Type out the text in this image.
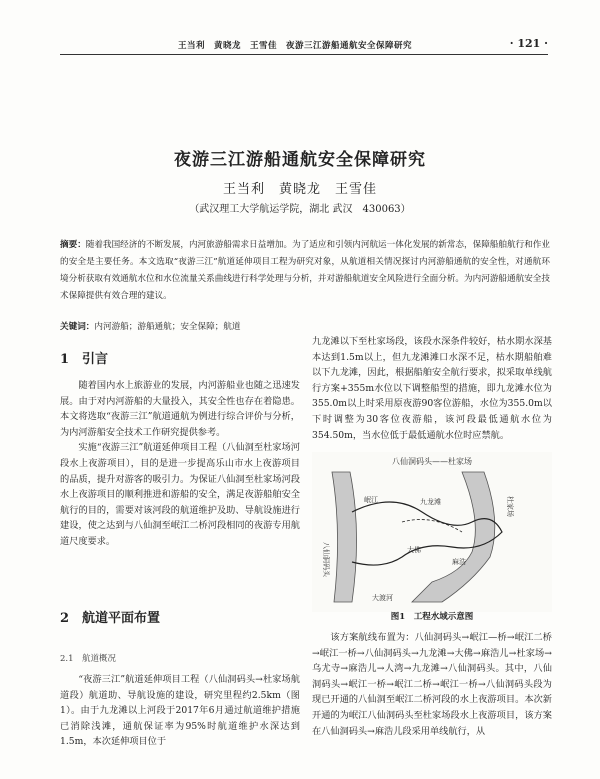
王当利　黄晓龙　王雪佳　夜游三江游船通航安全保障研究	· 121 ·
夜游三江游船通航安全保障研究
王当利　黄晓龙　王雪佳
（武汉理工大学航运学院，湖北 武汉　430063）
摘要：随着我国经济的不断发展，内河旅游船需求日益增加。为了适应和引领内河航运一体化发展的新常态，保障船舶航行和作业的安全是主要任务。本文选取“夜游三江”航道延伸项目工程为研究对象，从航道相关情况探讨内河游船通航的安全性，对通航环境分析获取有效通航水位和水位流量关系曲线进行科学处理与分析，并对游船航道安全风险进行全面分析。为内河游船通航安全技术保障提供有效合理的建议。
关键词：内河游船；游船通航；安全保障；航道
1　引言

随着国内水上旅游业的发展，内河游船业也随之迅速发展。由于对内河游船的大量投入，其安全性也存在着隐患。本文将选取“夜游三江”航道通航为例进行综合评价与分析，为内河游船安全技术工作研究提供参考。

实施“夜游三江”航道延伸项目工程（八仙洞至杜家场河段水上夜游项目），目的是进一步提高乐山市水上夜游项目的品质，提升对游客的吸引力。为保证八仙洞至杜家场河段水上夜游项目的顺利推进和游船的安全，满足夜游船舶安全航行的目的，需要对该河段的航道维护及助、导航设施进行建设，使之达到与八仙洞至岷江二桥河段相同的夜游专用航道尺度要求。

2　航道平面布置
2.1　航道概况

“夜游三江”航道延伸项目工程（八仙洞码头→杜家场航道段）航道助、导航设施的建设，研究里程约2.5km（图1）。由于九龙滩以上河段于2017年6月通过航道维护措施已消除浅滩，通航保证率为95%时航道维护水深达到1.5m，本次延伸项目位于

九龙滩以下至杜家场段，该段水深条件较好，枯水期水深基本达到1.5m以上，但九龙滩滩口水深不足，枯水期船舶难以下九龙滩，因此，根据船舶安全航行要求，拟采取单线航行方案+355m水位以下调整船型的措施，即九龙滩水位为355.0m以上时采用原夜游90客位游船，水位为355.0m以下时调整为30客位夜游船，该河段最低通航水位为354.50m，当水位低于最低通航水位时应禁航。

八仙洞码头——杜家场
八仙洞码头
岷江	九龙滩
大佛
麻浩
杜家场
大渡河
图1　工程水域示意图

该方案航线布置为：八仙洞码头→岷江—桥→岷江二桥→岷江一桥→八仙洞码头→九龙滩→大佛→麻浩儿→杜家场→乌尤寺→麻浩儿→人湾→九龙滩→八仙洞码头。其中，八仙洞码头→岷江一桥→岷江二桥→岷江一桥→八仙洞码头段为现已开通的八仙洞至岷江二桥河段的水上夜游项目。本次新开通的为岷江八仙洞码头至杜家场段水上夜游项目，该方案在八仙洞码头→麻浩儿段采用单线航行，从
